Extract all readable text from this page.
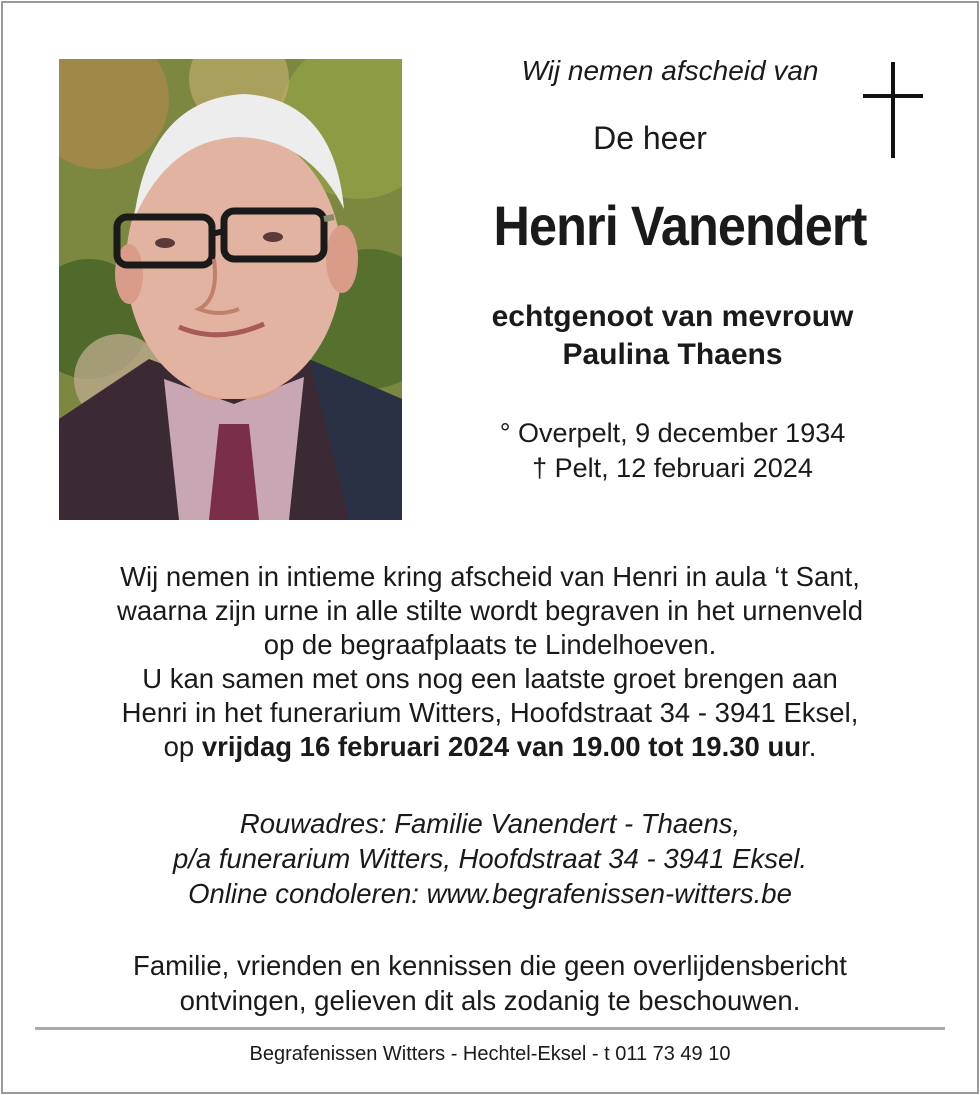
Wij nemen afscheid van
De heer
Henri Vanendert
echtgenoot van mevrouw
Paulina Thaens
° Overpelt, 9 december 1934
† Pelt, 12 februari 2024
Wij nemen in intieme kring afscheid van Henri in aula ‘t Sant,
waarna zijn urne in alle stilte wordt begraven in het urnenveld
op de begraafplaats te Lindelhoeven.
U kan samen met ons nog een laatste groet brengen aan
Henri in het funerarium Witters, Hoofdstraat 34 - 3941 Eksel,
op vrijdag 16 februari 2024 van 19.00 tot 19.30 uur.
Rouwadres: Familie Vanendert - Thaens,
p/a funerarium Witters, Hoofdstraat 34 - 3941 Eksel.
Online condoleren: www.begrafenissen-witters.be
Familie, vrienden en kennissen die geen overlijdensbericht
ontvingen, gelieven dit als zodanig te beschouwen.
Begrafenissen Witters - Hechtel-Eksel - t 011 73 49 10
